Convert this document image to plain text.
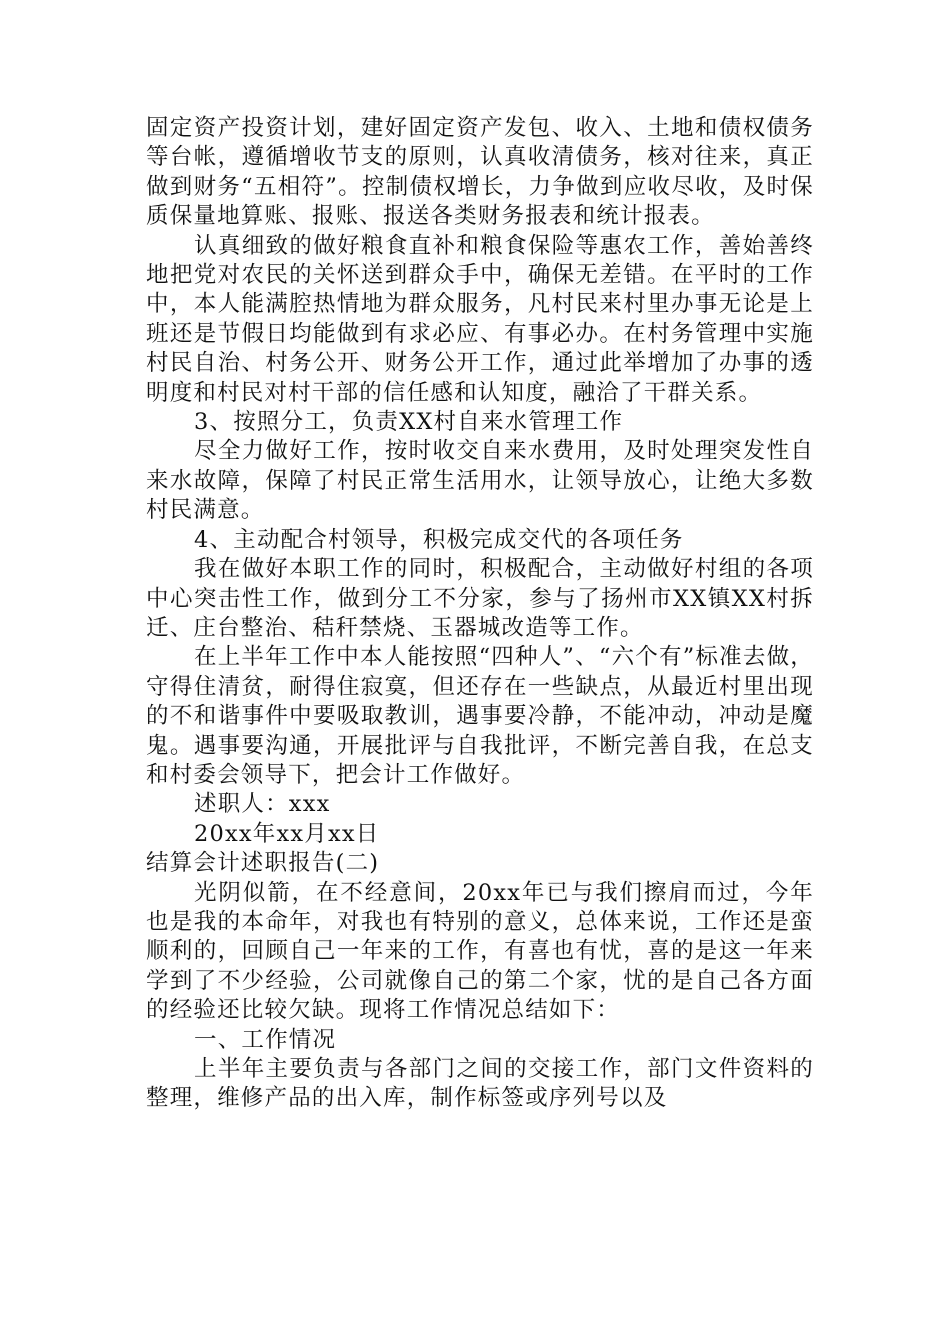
固定资产投资计划，建好固定资产发包、收入、土地和债权债务等台帐，遵循增收节支的原则，认真收清债务，核对往来，真正做到财务“五相符”。控制债权增长，力争做到应收尽收，及时保质保量地算账、报账、报送各类财务报表和统计报表。

认真细致的做好粮食直补和粮食保险等惠农工作，善始善终地把党对农民的关怀送到群众手中，确保无差错。在平时的工作中，本人能满腔热情地为群众服务，凡村民来村里办事无论是上班还是节假日均能做到有求必应、有事必办。在村务管理中实施村民自治、村务公开、财务公开工作，通过此举增加了办事的透明度和村民对村干部的信任感和认知度，融洽了干群关系。

3、按照分工，负责XX村自来水管理工作

尽全力做好工作，按时收交自来水费用，及时处理突发性自来水故障，保障了村民正常生活用水，让领导放心，让绝大多数村民满意。

4、主动配合村领导，积极完成交代的各项任务

我在做好本职工作的同时，积极配合，主动做好村组的各项中心突击性工作，做到分工不分家，参与了扬州市XX镇XX村拆迁、庄台整治、秸秆禁烧、玉器城改造等工作。

在上半年工作中本人能按照“四种人”、“六个有”标准去做，守得住清贫，耐得住寂寞，但还存在一些缺点，从最近村里出现的不和谐事件中要吸取教训，遇事要冷静，不能冲动，冲动是魔鬼。遇事要沟通，开展批评与自我批评，不断完善自我，在总支和村委会领导下，把会计工作做好。

述职人：xxx

20xx年xx月xx日

结算会计述职报告(二)

光阴似箭，在不经意间，20xx年已与我们擦肩而过，今年也是我的本命年，对我也有特别的意义，总体来说，工作还是蛮顺利的，回顾自己一年来的工作，有喜也有忧，喜的是这一年来学到了不少经验，公司就像自己的第二个家，忧的是自己各方面的经验还比较欠缺。现将工作情况总结如下：

一、工作情况

上半年主要负责与各部门之间的交接工作，部门文件资料的整理，维修产品的出入库，制作标签或序列号以及
